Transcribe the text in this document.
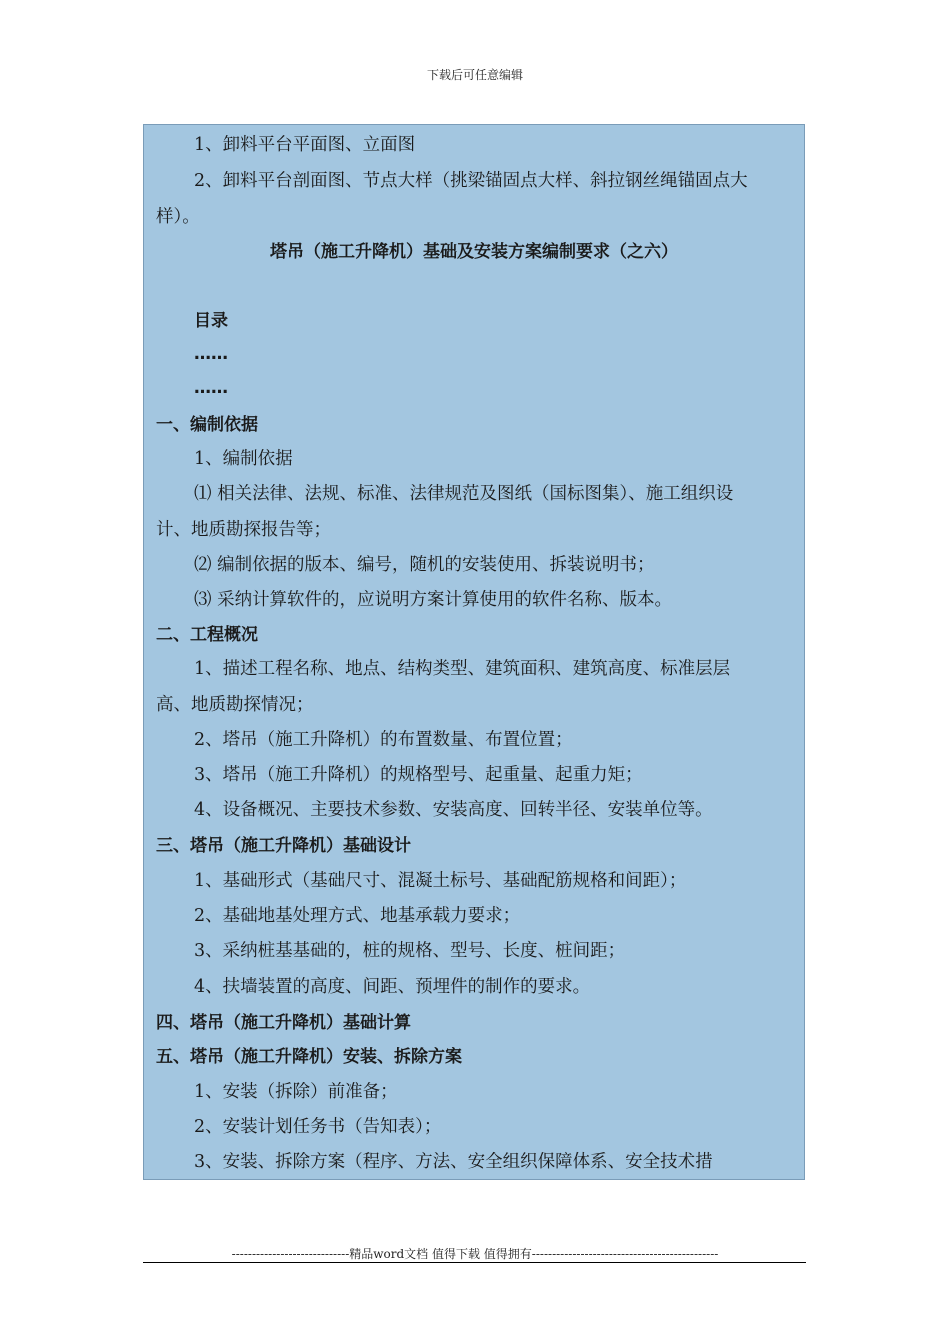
下载后可任意编辑
1、卸料平台平面图、立面图
2、卸料平台剖面图、节点大样（挑梁锚固点大样、斜拉钢丝绳锚固点大
样）。
塔吊（施工升降机）基础及安装方案编制要求（之六）
目录
……
……
一、编制依据
1、编制依据
⑴ 相关法律、法规、标准、法律规范及图纸（国标图集）、施工组织设
计、地质勘探报告等；
⑵ 编制依据的版本、编号，随机的安装使用、拆装说明书；
⑶ 采纳计算软件的，应说明方案计算使用的软件名称、版本。
二、工程概况
1、描述工程名称、地点、结构类型、建筑面积、建筑高度、标准层层
高、地质勘探情况；
2、塔吊（施工升降机）的布置数量、布置位置；
3、塔吊（施工升降机）的规格型号、起重量、起重力矩；
4、设备概况、主要技术参数、安装高度、回转半径、安装单位等。
三、塔吊（施工升降机）基础设计
1、基础形式（基础尺寸、混凝土标号、基础配筋规格和间距）；
2、基础地基处理方式、地基承载力要求；
3、采纳桩基基础的，桩的规格、型号、长度、桩间距；
4、扶墙装置的高度、间距、预埋件的制作的要求。
四、塔吊（施工升降机）基础计算
五、塔吊（施工升降机）安装、拆除方案
1、安装（拆除）前准备；
2、安装计划任务书（告知表）；
3、安装、拆除方案（程序、方法、安全组织保障体系、安全技术措
-----------------------------精品word文档 值得下载 值得拥有----------------------------------------------
